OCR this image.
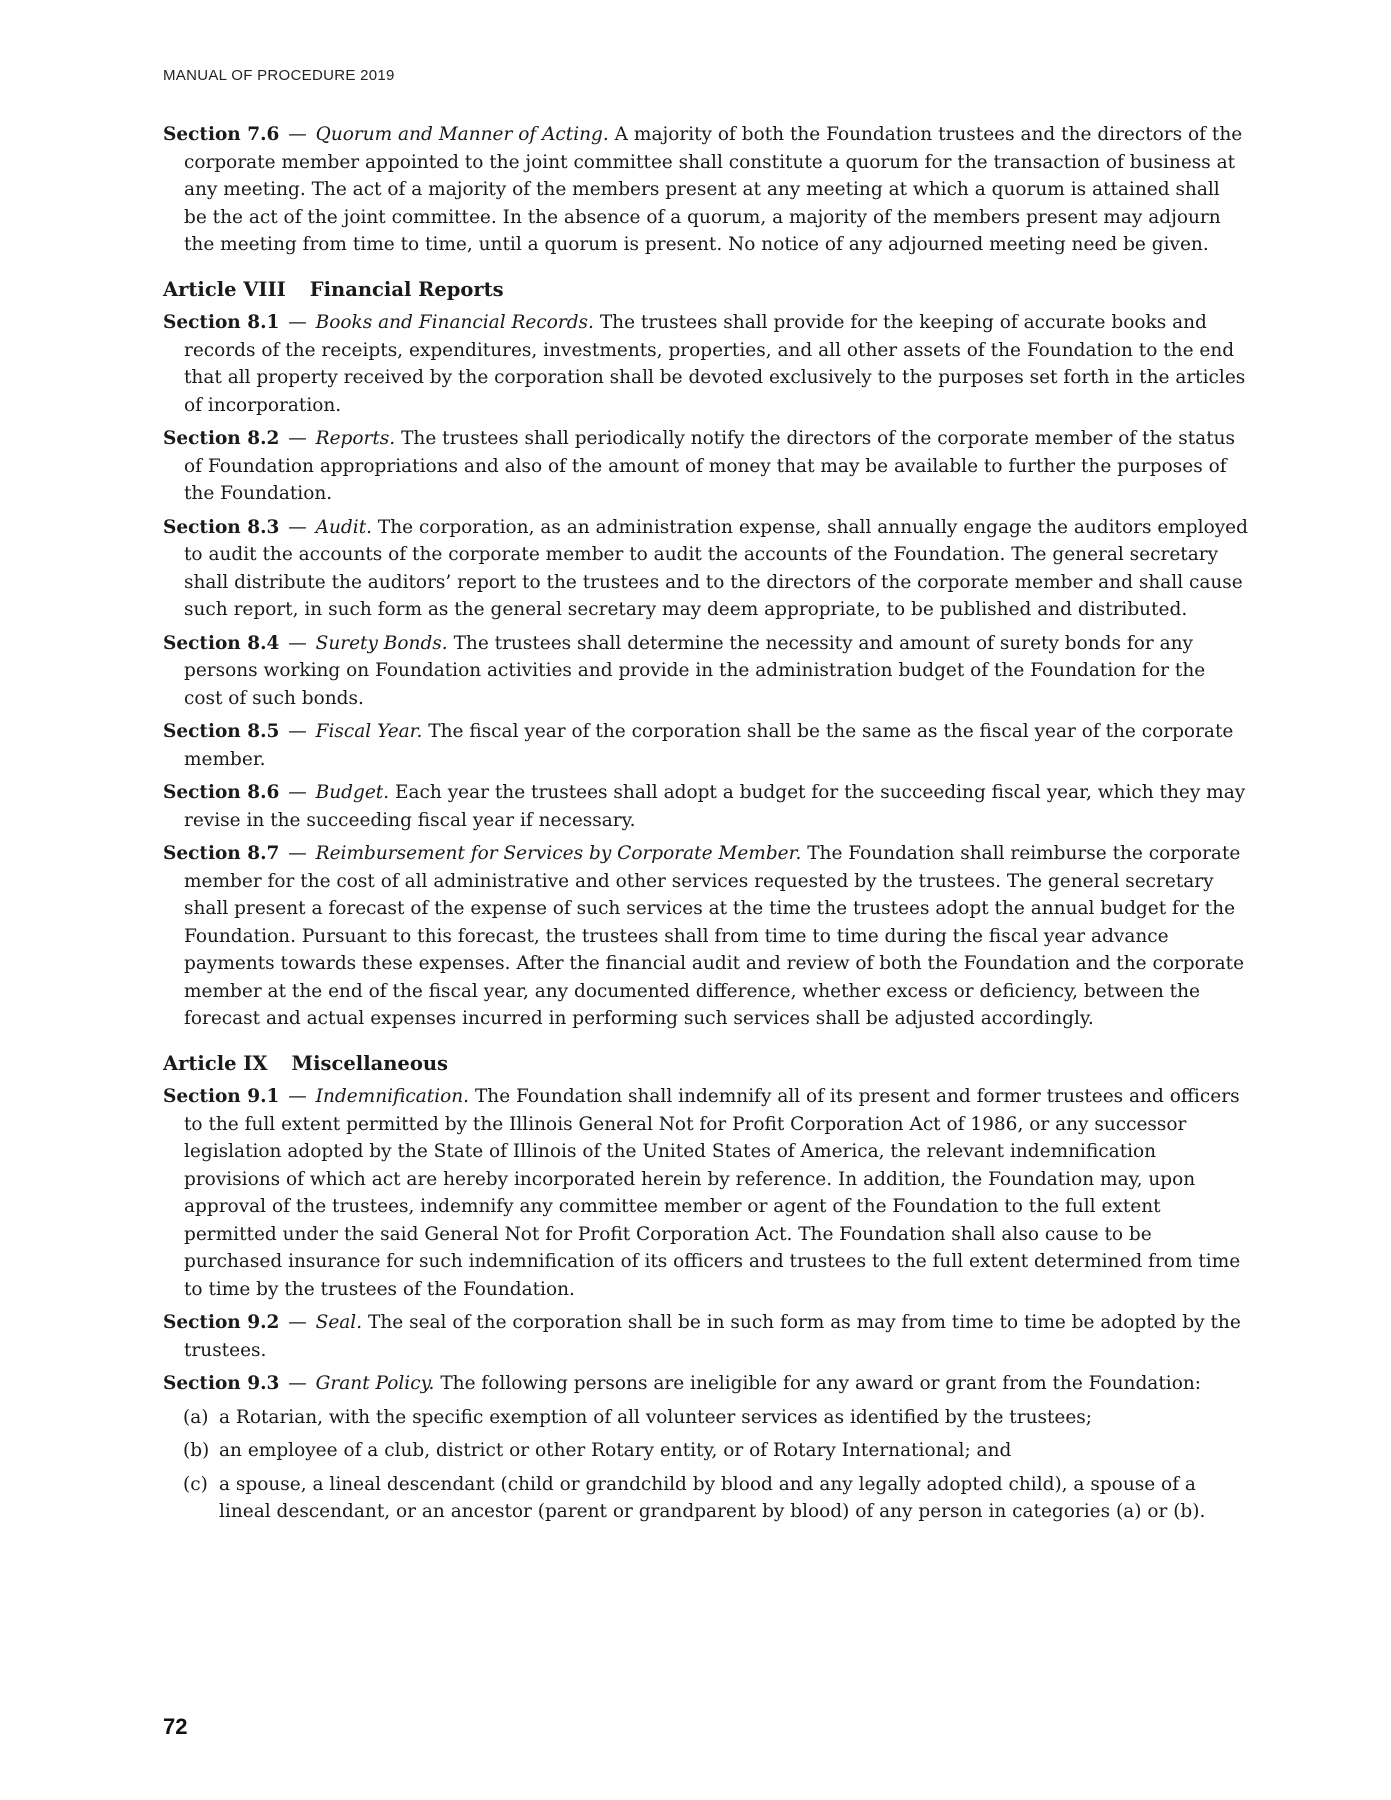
MANUAL OF PROCEDURE 2019

Section 7.6 — Quorum and Manner of Acting. A majority of both the Foundation trustees and the directors of the corporate member appointed to the joint committee shall constitute a quorum for the transaction of business at any meeting. The act of a majority of the members present at any meeting at which a quorum is attained shall be the act of the joint committee. In the absence of a quorum, a majority of the members present may adjourn the meeting from time to time, until a quorum is present. No notice of any adjourned meeting need be given.

Article VIII Financial Reports

Section 8.1 — Books and Financial Records. The trustees shall provide for the keeping of accurate books and records of the receipts, expenditures, investments, properties, and all other assets of the Foundation to the end that all property received by the corporation shall be devoted exclusively to the purposes set forth in the articles of incorporation.

Section 8.2 — Reports. The trustees shall periodically notify the directors of the corporate member of the status of Foundation appropriations and also of the amount of money that may be available to further the purposes of the Foundation.

Section 8.3 — Audit. The corporation, as an administration expense, shall annually engage the auditors employed to audit the accounts of the corporate member to audit the accounts of the Foundation. The general secretary shall distribute the auditors’ report to the trustees and to the directors of the corporate member and shall cause such report, in such form as the general secretary may deem appropriate, to be published and distributed.

Section 8.4 — Surety Bonds. The trustees shall determine the necessity and amount of surety bonds for any persons working on Foundation activities and provide in the administration budget of the Foundation for the cost of such bonds.

Section 8.5 — Fiscal Year. The fiscal year of the corporation shall be the same as the fiscal year of the corporate member.

Section 8.6 — Budget. Each year the trustees shall adopt a budget for the succeeding fiscal year, which they may revise in the succeeding fiscal year if necessary.

Section 8.7 — Reimbursement for Services by Corporate Member. The Foundation shall reimburse the corporate member for the cost of all administrative and other services requested by the trustees. The general secretary shall present a forecast of the expense of such services at the time the trustees adopt the annual budget for the Foundation. Pursuant to this forecast, the trustees shall from time to time during the fiscal year advance payments towards these expenses. After the financial audit and review of both the Foundation and the corporate member at the end of the fiscal year, any documented difference, whether excess or deficiency, between the forecast and actual expenses incurred in performing such services shall be adjusted accordingly.

Article IX Miscellaneous

Section 9.1 — Indemnification. The Foundation shall indemnify all of its present and former trustees and officers to the full extent permitted by the Illinois General Not for Profit Corporation Act of 1986, or any successor legislation adopted by the State of Illinois of the United States of America, the relevant indemnification provisions of which act are hereby incorporated herein by reference. In addition, the Foundation may, upon approval of the trustees, indemnify any committee member or agent of the Foundation to the full extent permitted under the said General Not for Profit Corporation Act. The Foundation shall also cause to be purchased insurance for such indemnification of its officers and trustees to the full extent determined from time to time by the trustees of the Foundation.

Section 9.2 — Seal. The seal of the corporation shall be in such form as may from time to time be adopted by the trustees.

Section 9.3 — Grant Policy. The following persons are ineligible for any award or grant from the Foundation:

(a) a Rotarian, with the specific exemption of all volunteer services as identified by the trustees;
(b) an employee of a club, district or other Rotary entity, or of Rotary International; and
(c) a spouse, a lineal descendant (child or grandchild by blood and any legally adopted child), a spouse of a lineal descendant, or an ancestor (parent or grandparent by blood) of any person in categories (a) or (b).
72
